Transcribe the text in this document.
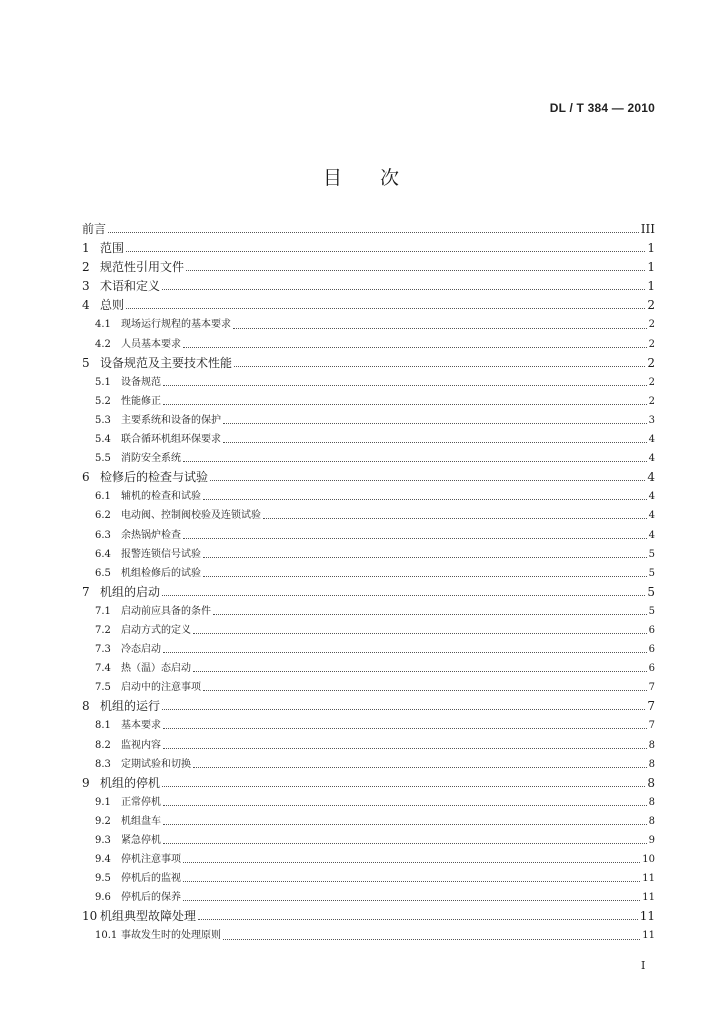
DL / T 384 — 2010
目　　次
前言	III
1 范围	1
2 规范性引用文件	1
3 术语和定义	1
4 总则	2
4.1	现场运行规程的基本要求	2
4.2	人员基本要求	2
5 设备规范及主要技术性能	2
5.1	设备规范	2
5.2	性能修正	2
5.3	主要系统和设备的保护	3
5.4	联合循环机组环保要求	4
5.5	消防安全系统	4
6 检修后的检查与试验	4
6.1	辅机的检查和试验	4
6.2	电动阀、控制阀校验及连锁试验	4
6.3	余热锅炉检查	4
6.4	报警连锁信号试验	5
6.5	机组检修后的试验	5
7 机组的启动	5
7.1	启动前应具备的条件	5
7.2	启动方式的定义	6
7.3	冷态启动	6
7.4	热（温）态启动	6
7.5	启动中的注意事项	7
8 机组的运行	7
8.1	基本要求	7
8.2	监视内容	8
8.3	定期试验和切换	8
9 机组的停机	8
9.1	正常停机	8
9.2	机组盘车	8
9.3	紧急停机	9
9.4	停机注意事项	10
9.5	停机后的监视	11
9.6	停机后的保养	11
10 机组典型故障处理	11
10.1 事故发生时的处理原则	11
I
